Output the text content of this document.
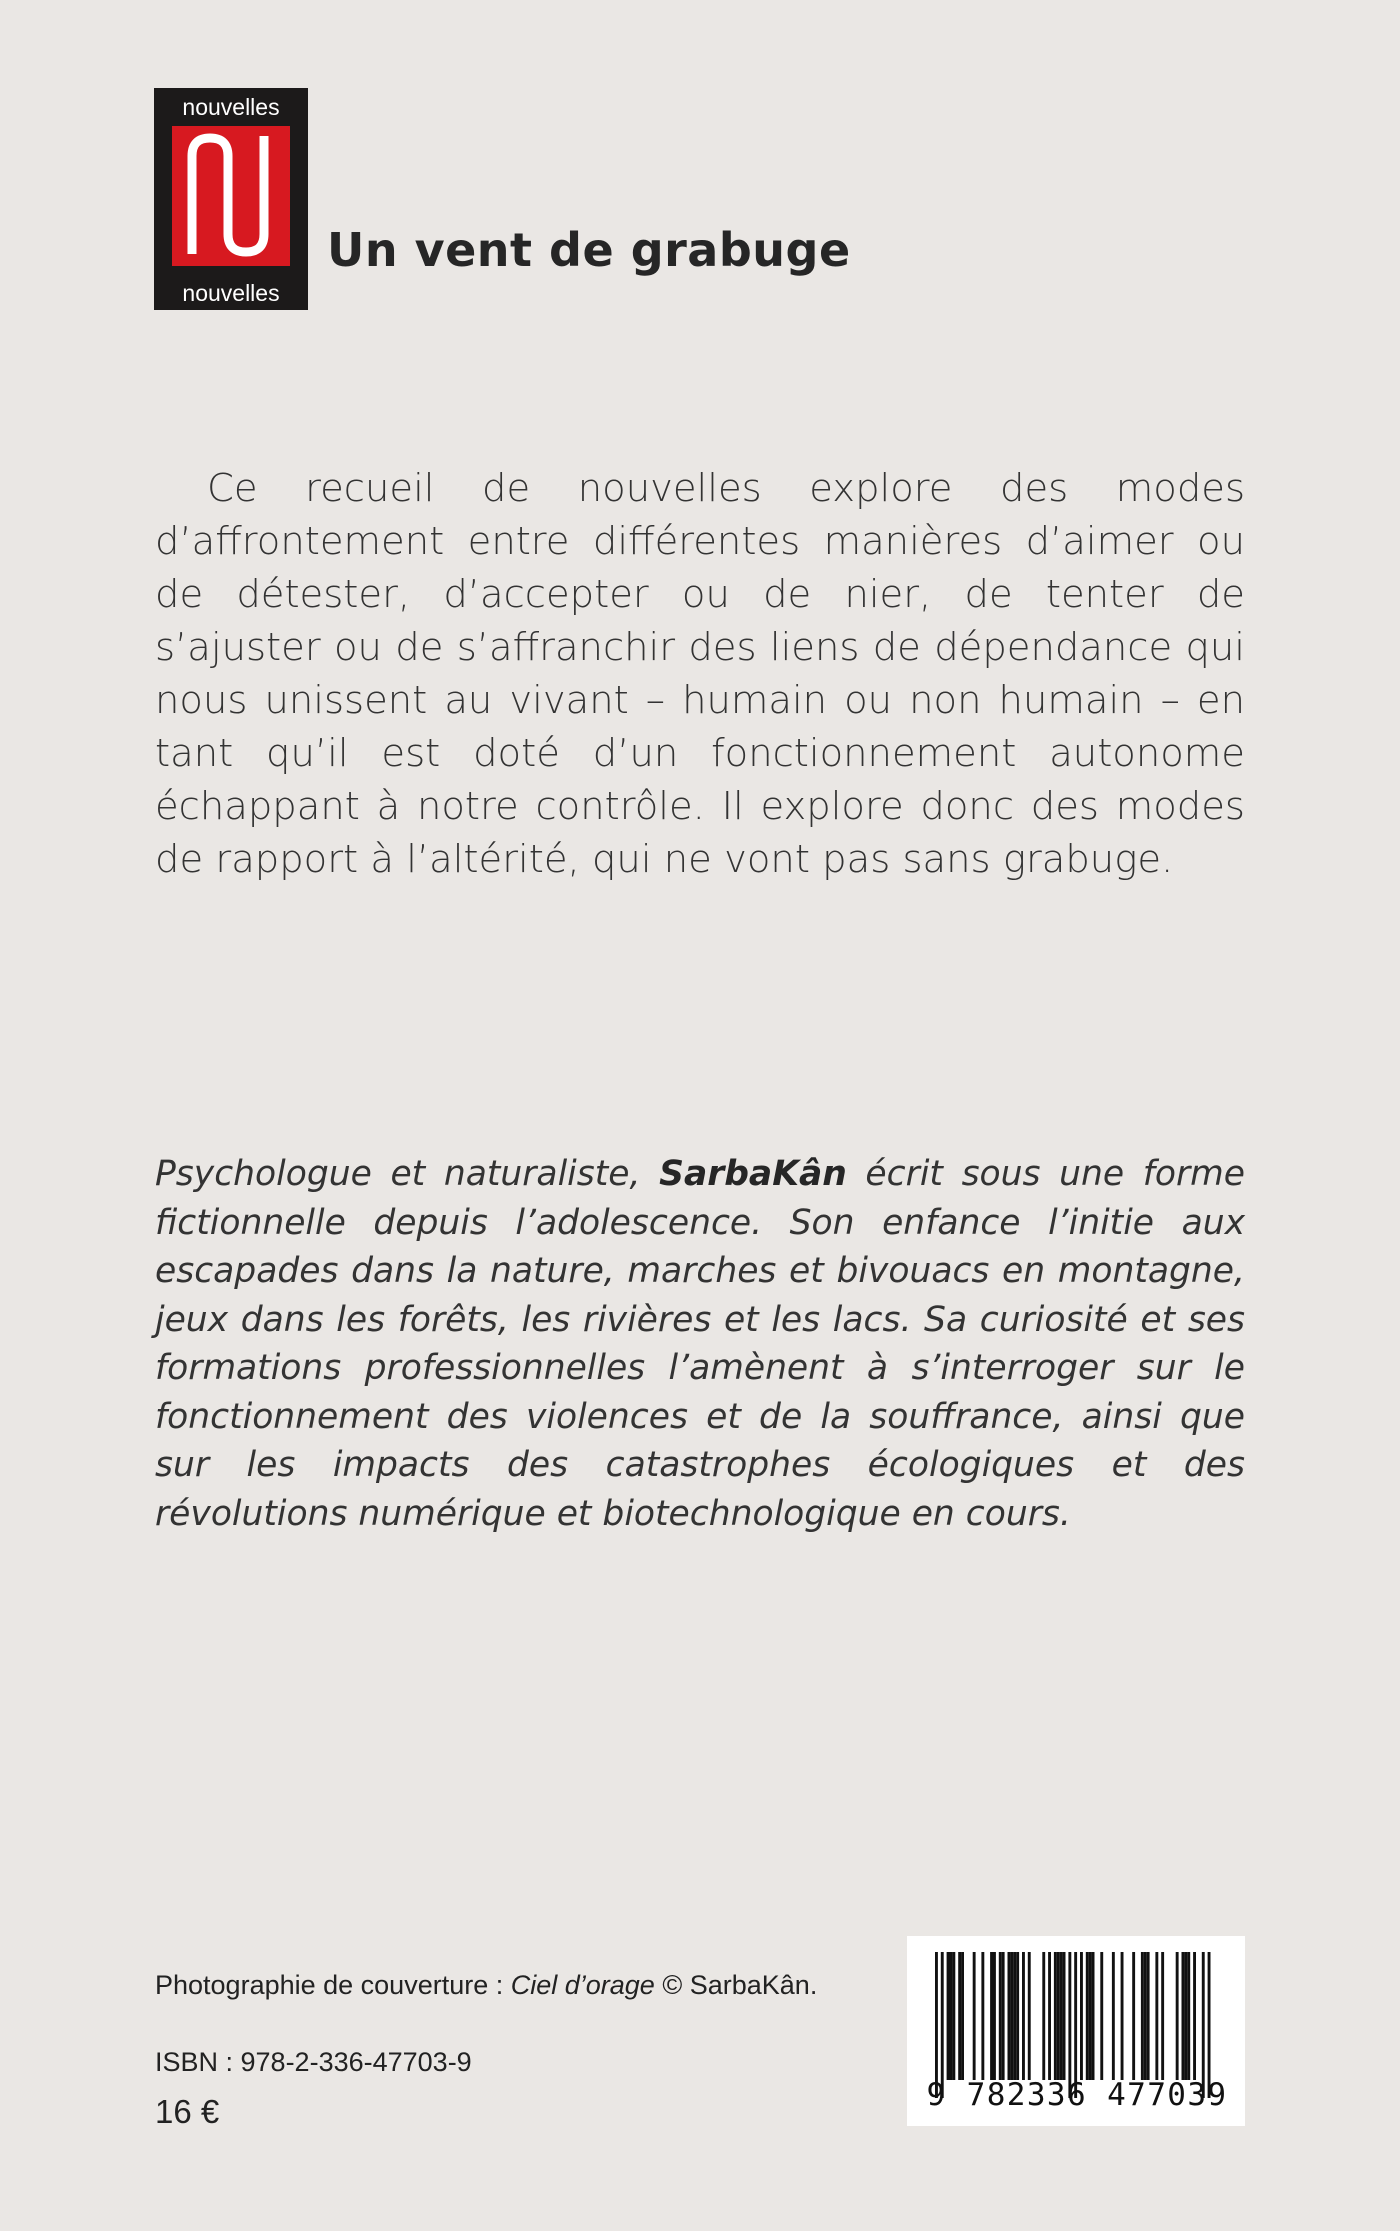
nouvelles
nouvelles
Un vent de grabuge

Ce recueil de nouvelles explore des modes d’affrontement entre différentes manières d’aimer ou de détester, d’accepter ou de nier, de tenter de s’ajuster ou de s’affranchir des liens de dépendance qui nous unissent au vivant – humain ou non humain – en tant qu’il est doté d’un fonctionnement autonome échappant à notre contrôle. Il explore donc des modes de rapport à l’altérité, qui ne vont pas sans grabuge.

Psychologue et naturaliste, SarbaKân écrit sous une forme fictionnelle depuis l’adolescence. Son enfance l’initie aux escapades dans la nature, marches et bivouacs en montagne, jeux dans les forêts, les rivières et les lacs. Sa curiosité et ses formations professionnelles l’amènent à s’interroger sur le fonctionnement des violences et de la souffrance, ainsi que sur les impacts des catastrophes écologiques et des révolutions numérique et biotechnologique en cours.

Photographie de couverture : Ciel d’orage © SarbaKân.
ISBN : 978-2-336-47703-9
16 €	9 782336 477039
